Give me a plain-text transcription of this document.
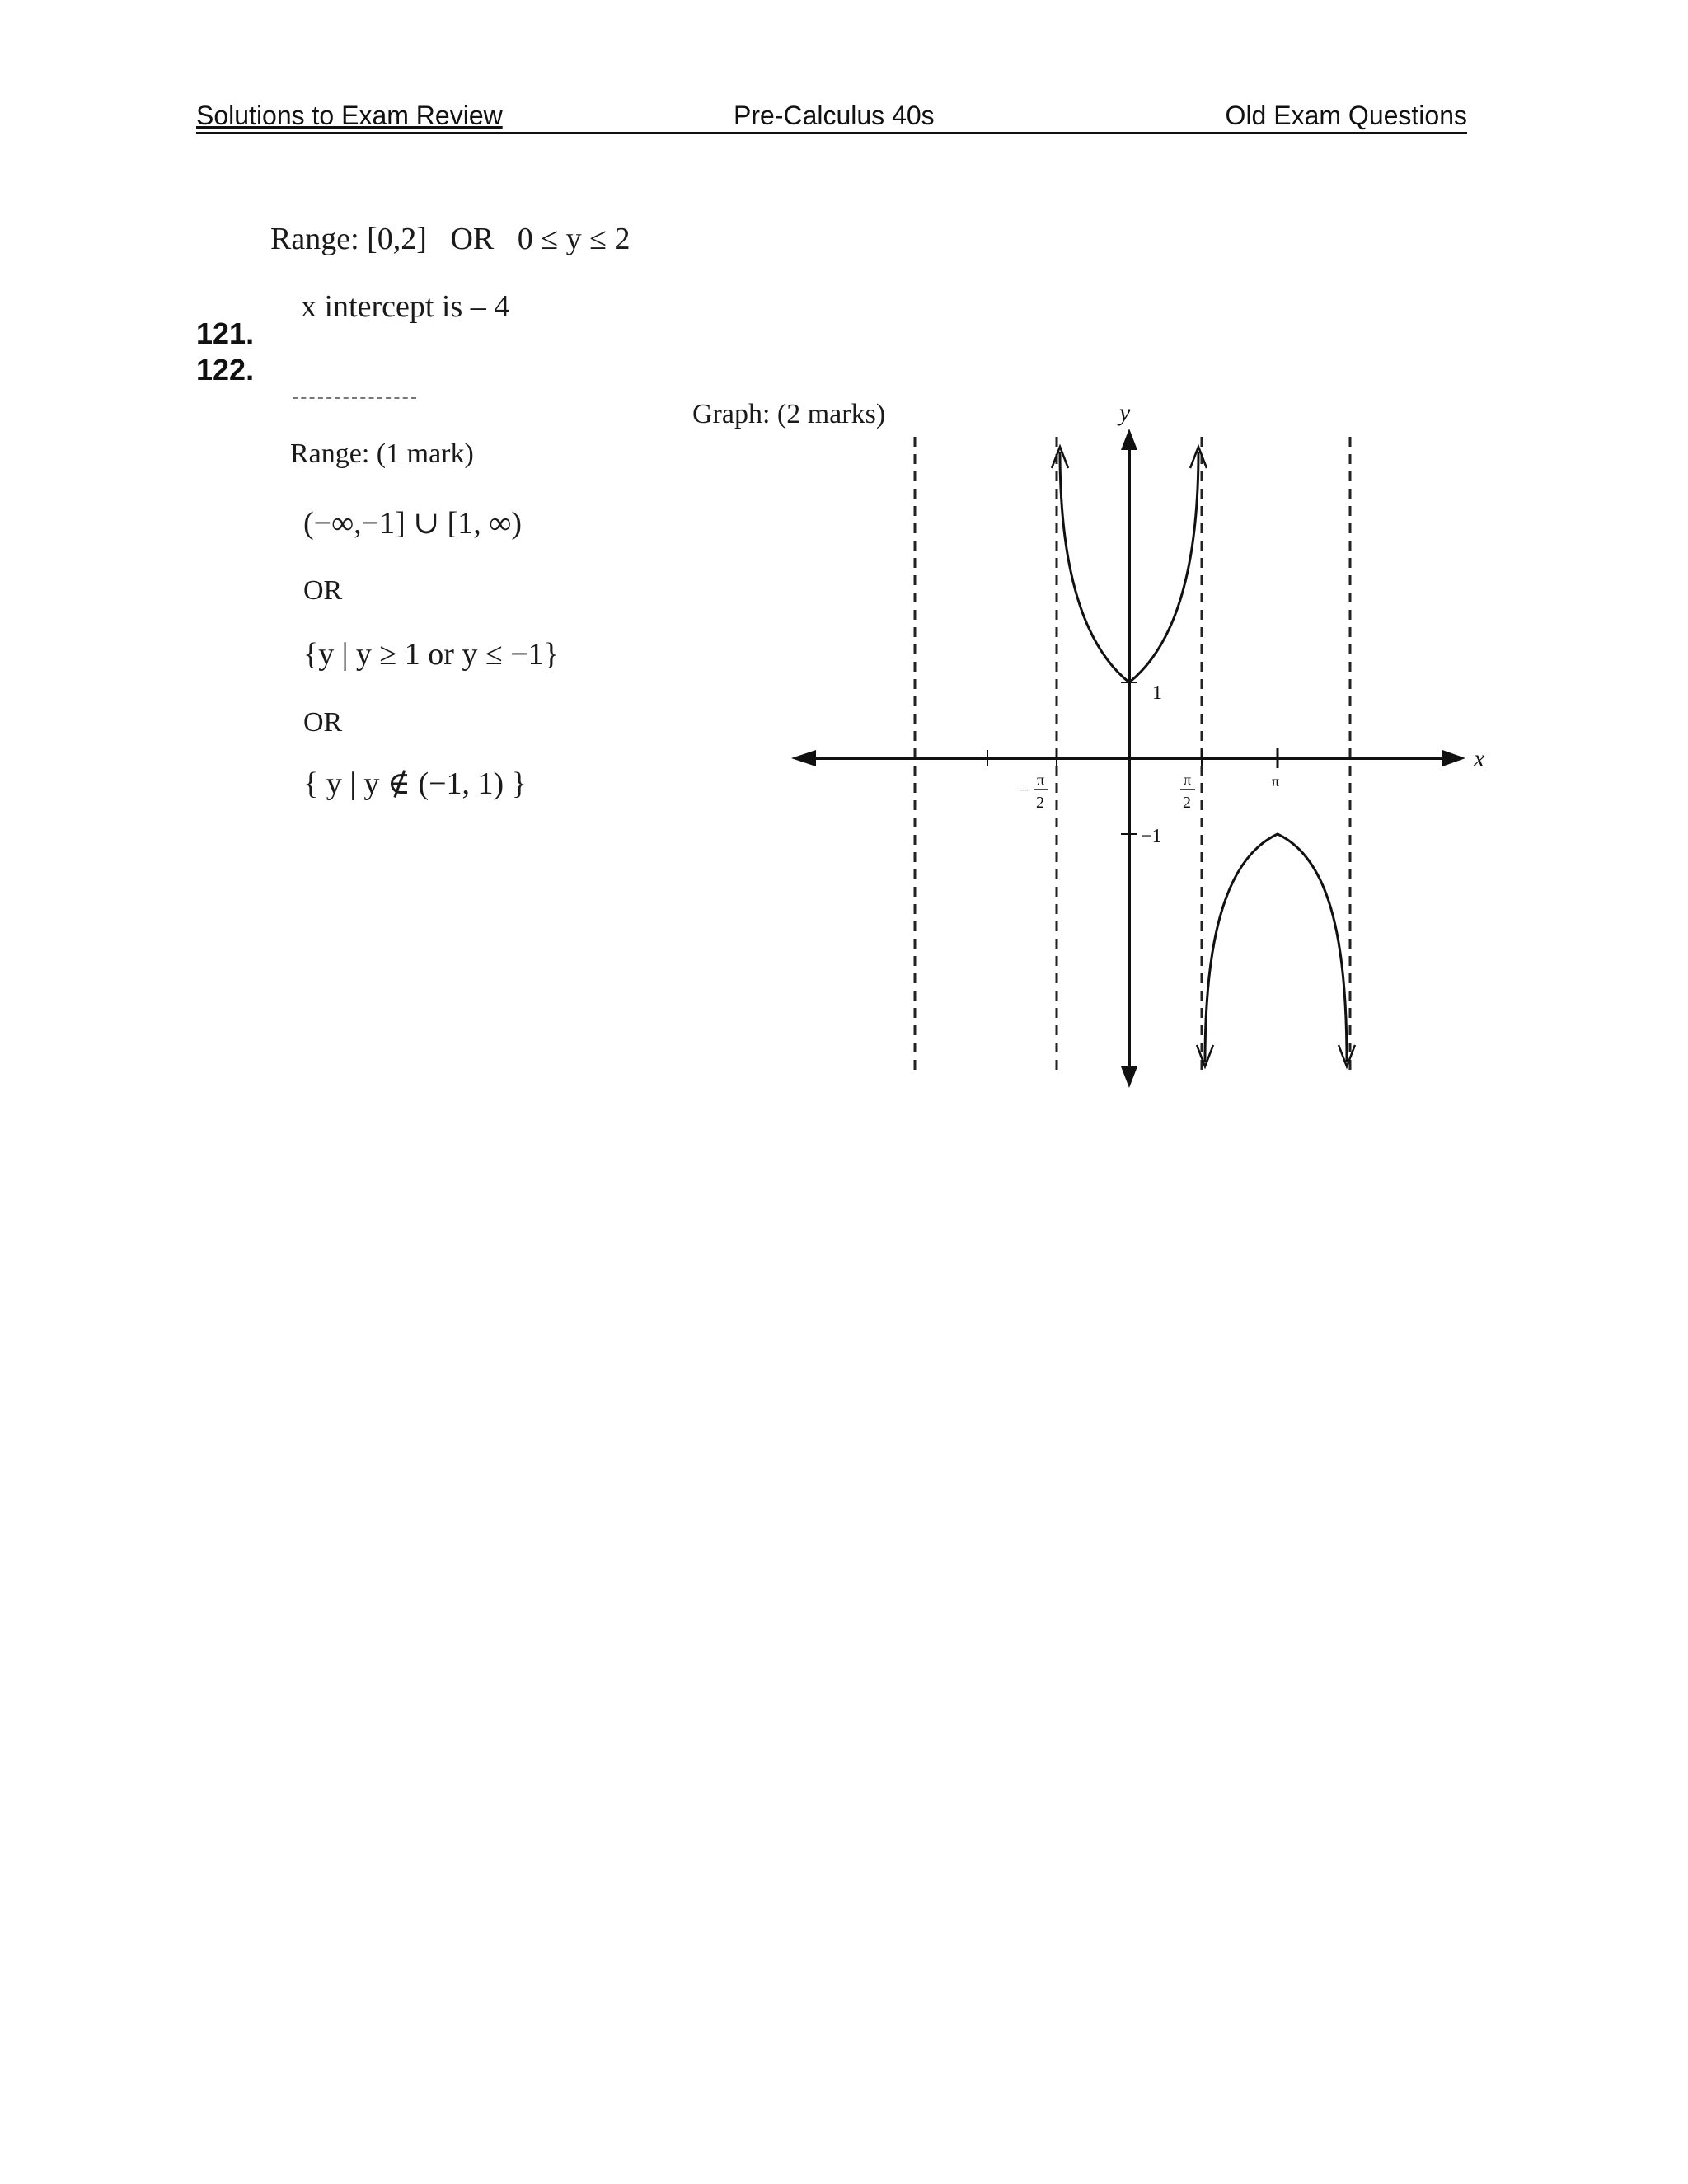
Solutions to Exam Review	Pre-Calculus 40s	Old Exam Questions
Range: [0,2]   OR   0 ≤ y ≤ 2
x intercept is – 4
121.
122.
Range: (1 mark)
(−∞,−1] ∪ [1, ∞)
OR
{y | y ≥ 1 or y ≤ −1}
OR
{ y | y ∉ (−1, 1) }
Graph: (2 marks)	y
x
1
−1
− π
2
π
2
π
